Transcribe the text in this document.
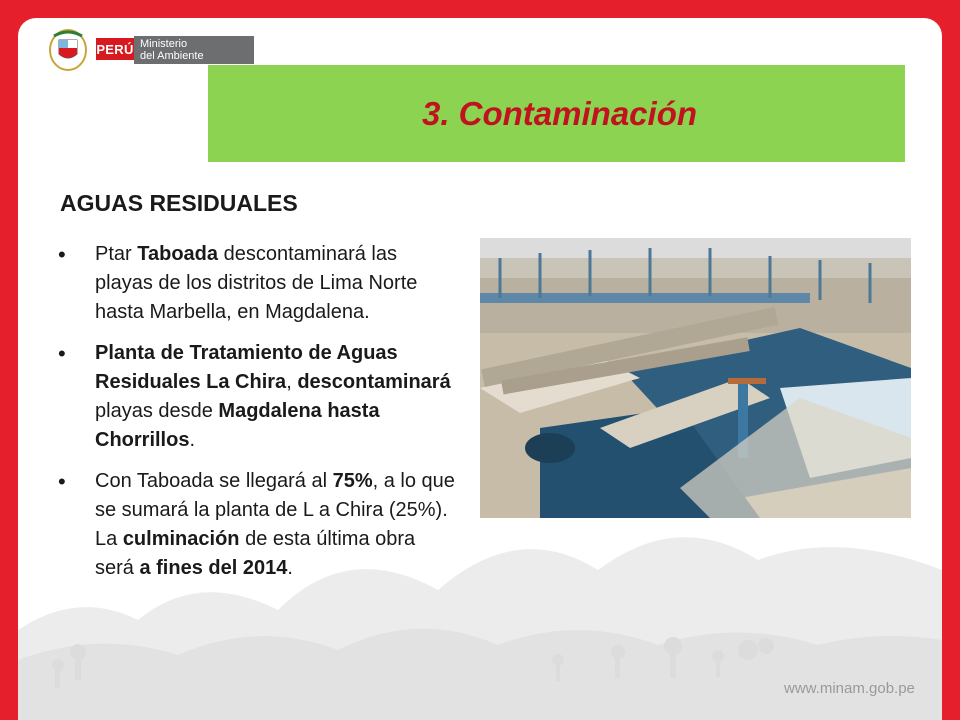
PERÚ Ministerio
del Ambiente
3. Contaminación
AGUAS RESIDUALES
• Ptar Taboada descontaminará las playas de los distritos de Lima Norte hasta Marbella, en Magdalena.
• Planta de Tratamiento de Aguas Residuales La Chira, descontaminará playas desde Magdalena hasta Chorrillos.
• Con Taboada se llegará al 75%, a lo que se sumará la planta de L a Chira (25%). La culminación de esta última obra será a fines del 2014.
www.minam.gob.pe
